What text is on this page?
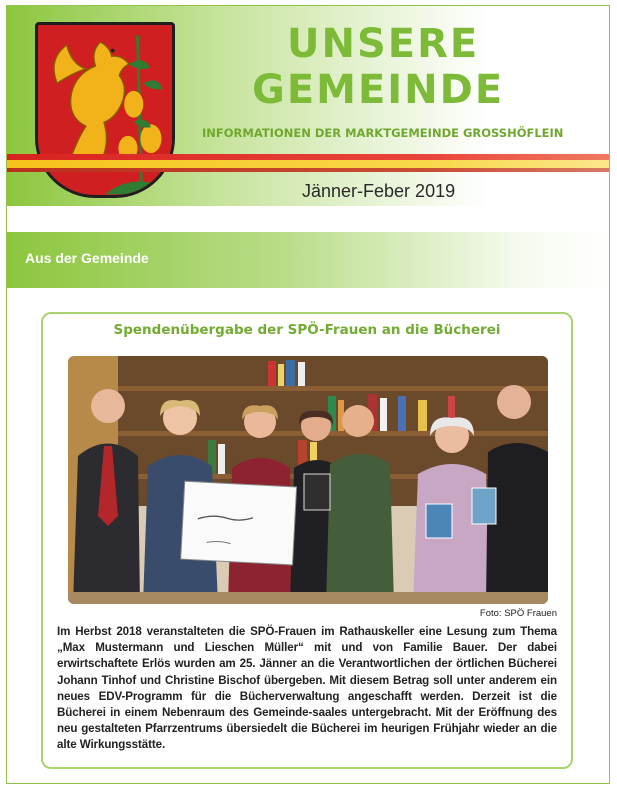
UNSERE
GEMEINDE
INFORMATIONEN DER MARKTGEMEINDE GROSSHÖFLEIN
Jänner-Feber 2019
Aus der Gemeinde
Spendenübergabe der SPÖ-Frauen an die Bücherei
Foto: SPÖ Frauen
Im Herbst 2018 veranstalteten die SPÖ-Frauen im Rathauskeller eine Lesung zum Thema „Max Mustermann und Lieschen Müller“ mit und von Familie Bauer. Der dabei erwirtschaftete Erlös wurden am 25. Jänner an die Verantwortlichen der örtlichen Bücherei Johann Tinhof und Christine Bischof übergeben. Mit diesem Betrag soll unter anderem ein neues EDV-Programm für die Bücherverwaltung angeschafft werden. Derzeit ist die Bücherei in einem Nebenraum des Gemeinde-saales untergebracht. Mit der Eröffnung des neu gestalteten Pfarrzentrums übersiedelt die Bücherei im heurigen Frühjahr wieder an die alte Wirkungsstätte.
